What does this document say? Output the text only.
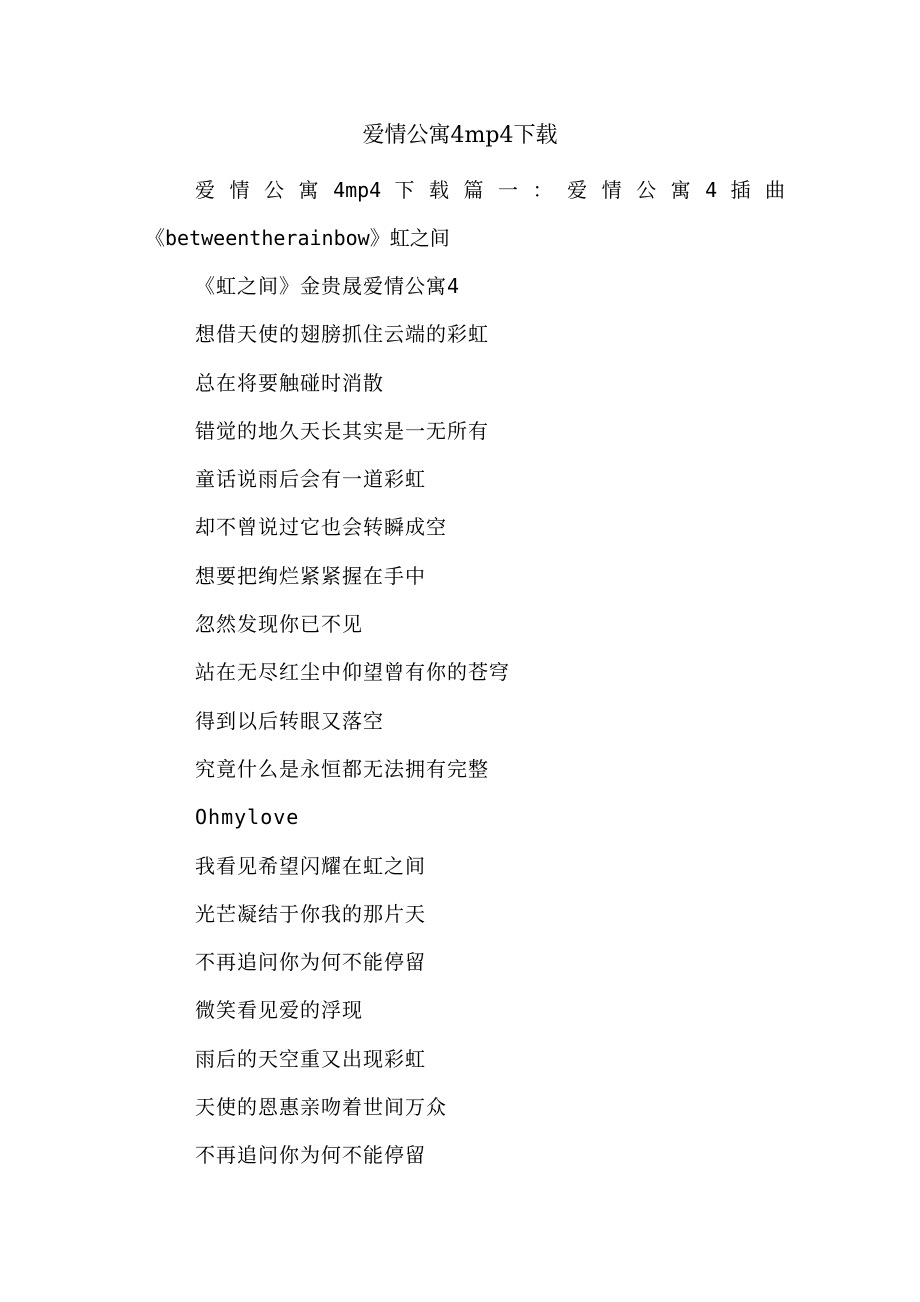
爱情公寓4mp4下载
爱 情 公 寓 4mp4 下 载 篇 一 ： 爱 情 公 寓 4 插 曲
《betweentherainbow》虹之间
《虹之间》金贵晟爱情公寓4
想借天使的翅膀抓住云端的彩虹
总在将要触碰时消散
错觉的地久天长其实是一无所有
童话说雨后会有一道彩虹
却不曾说过它也会转瞬成空
想要把绚烂紧紧握在手中
忽然发现你已不见
站在无尽红尘中仰望曾有你的苍穹
得到以后转眼又落空
究竟什么是永恒都无法拥有完整
Ohmylove
我看见希望闪耀在虹之间
光芒凝结于你我的那片天
不再追问你为何不能停留
微笑看见爱的浮现
雨后的天空重又出现彩虹
天使的恩惠亲吻着世间万众
不再追问你为何不能停留
